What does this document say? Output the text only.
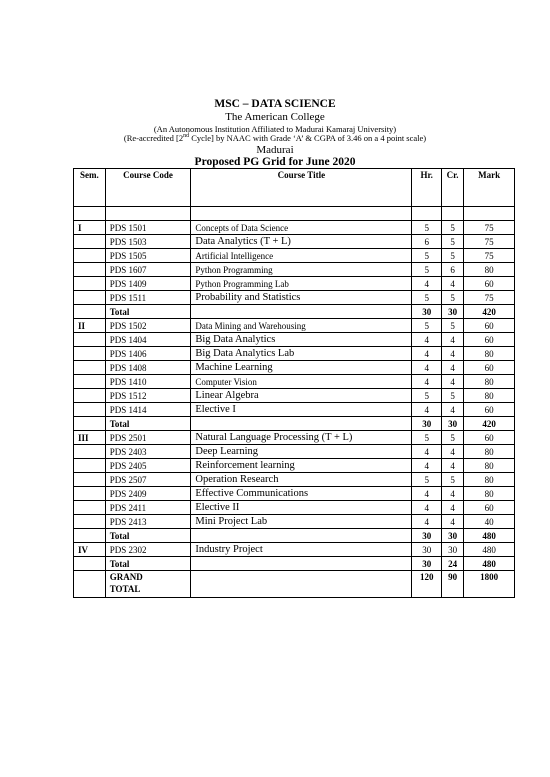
MSC – DATA SCIENCE
The American College
(An Autonomous Institution Affiliated to Madurai Kamaraj University)
(Re-accredited [2nd Cycle] by NAAC with Grade ‘A’ & CGPA of 3.46 on a 4 point scale)
Madurai
Proposed PG Grid for June 2020
Sem.	Course Code	Course Title	Hr.	Cr.	Mark

I	PDS 1501	Concepts of Data Science	5	5	75
	PDS 1503	Data Analytics (T + L)	6	5	75
	PDS 1505	Artificial Intelligence	5	5	75
	PDS 1607	Python Programming	5	6	80
	PDS 1409	Python Programming Lab	4	4	60
	PDS 1511	Probability and Statistics	5	5	75
	Total		30	30	420
II	PDS 1502	Data Mining and Warehousing	5	5	60
	PDS 1404	Big Data Analytics	4	4	60
	PDS 1406	Big Data Analytics Lab	4	4	80
	PDS 1408	Machine Learning	4	4	60
	PDS 1410	Computer Vision	4	4	80
	PDS 1512	Linear Algebra	5	5	80
	PDS 1414	Elective I	4	4	60
	Total		30	30	420
III	PDS 2501	Natural Language Processing (T + L)	5	5	60
	PDS 2403	Deep Learning	4	4	80
	PDS 2405	Reinforcement learning	4	4	80
	PDS 2507	Operation Research	5	5	80
	PDS 2409	Effective Communications	4	4	80
	PDS 2411	Elective II	4	4	60
	PDS 2413	Mini Project Lab	4	4	40
	Total		30	30	480
IV	PDS 2302	Industry Project	30	30	480
	Total		30	24	480

	GRAND
TOTAL		120	90	1800
